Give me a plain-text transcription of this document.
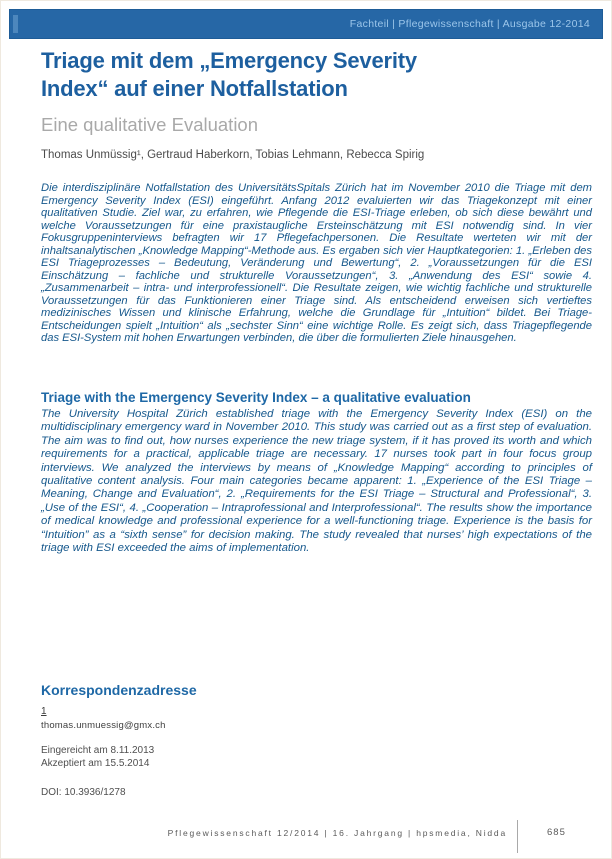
Fachteil | Pflegewissenschaft | Ausgabe 12-2014
Triage mit dem „Emergency Severity Index“ auf einer Notfallstation
Eine qualitative Evaluation

Thomas Unmüssig¹, Gertraud Haberkorn, Tobias Lehmann, Rebecca Spirig

Die interdisziplinäre Notfallstation des UniversitätsSpitals Zürich hat im November 2010 die Triage mit dem Emergency Severity Index (ESI) eingeführt. Anfang 2012 evaluierten wir das Triagekonzept mit einer qualitativen Studie. Ziel war, zu erfahren, wie Pflegende die ESI-Triage erleben, ob sich diese bewährt und welche Voraussetzungen für eine praxistaugliche Ersteinschätzung mit ESI notwendig sind. In vier Fokusgruppeninterviews befragten wir 17 Pflegefachpersonen. Die Resultate werteten wir mit der inhaltsanalytischen „Knowledge Mapping“-Methode aus. Es ergaben sich vier Hauptkategorien: 1. „Erleben des ESI Triageprozesses – Bedeutung, Veränderung und Bewertung“, 2. „Voraussetzungen für die ESI Einschätzung – fachliche und strukturelle Voraussetzungen“, 3. „Anwendung des ESI“ sowie 4. „Zusammenarbeit – intra- und interprofessionell“. Die Resultate zeigen, wie wichtig fachliche und strukturelle Voraussetzungen für das Funktionieren einer Triage sind. Als entscheidend erweisen sich vertieftes medizinisches Wissen und klinische Erfahrung, welche die Grundlage für „Intuition“ bildet. Bei Triage-Entscheidungen spielt „Intuition“ als „sechster Sinn“ eine wichtige Rolle. Es zeigt sich, dass Triagepflegende das ESI-System mit hohen Erwartungen verbinden, die über die formulierten Ziele hinausgehen.

Triage with the Emergency Severity Index – a qualitative evaluation

The University Hospital Zürich established triage with the Emergency Severity Index (ESI) on the multidisciplinary emergency ward in November 2010. This study was carried out as a first step of evaluation. The aim was to find out, how nurses experience the new triage system, if it has proved its worth and which requirements for a practical, applicable triage are necessary. 17 nurses took part in four focus group interviews. We analyzed the interviews by means of „Knowledge Mapping“ according to principles of qualitative content analysis. Four main categories became apparent: 1. „Experience of the ESI Triage – Meaning, Change and Evaluation“, 2. „Requirements for the ESI Triage – Structural and Professional“, 3. „Use of the ESI“, 4. „Cooperation – Intraprofessional and Interprofessional“. The results show the importance of medical knowledge and professional experience for a well-functioning triage. Experience is the basis for “Intuition” as a “sixth sense” for decision making. The study revealed that nurses’ high expectations of the triage with ESI exceeded the aims of implementation.

Korrespondenzadresse
1
thomas.unmuessig@gmx.ch
Eingereicht am 8.11.2013
Akzeptiert am 15.5.2014
DOI: 10.3936/1278
Pflegewissenschaft 12/2014 | 16. Jahrgang | hpsmedia, Nidda	685
